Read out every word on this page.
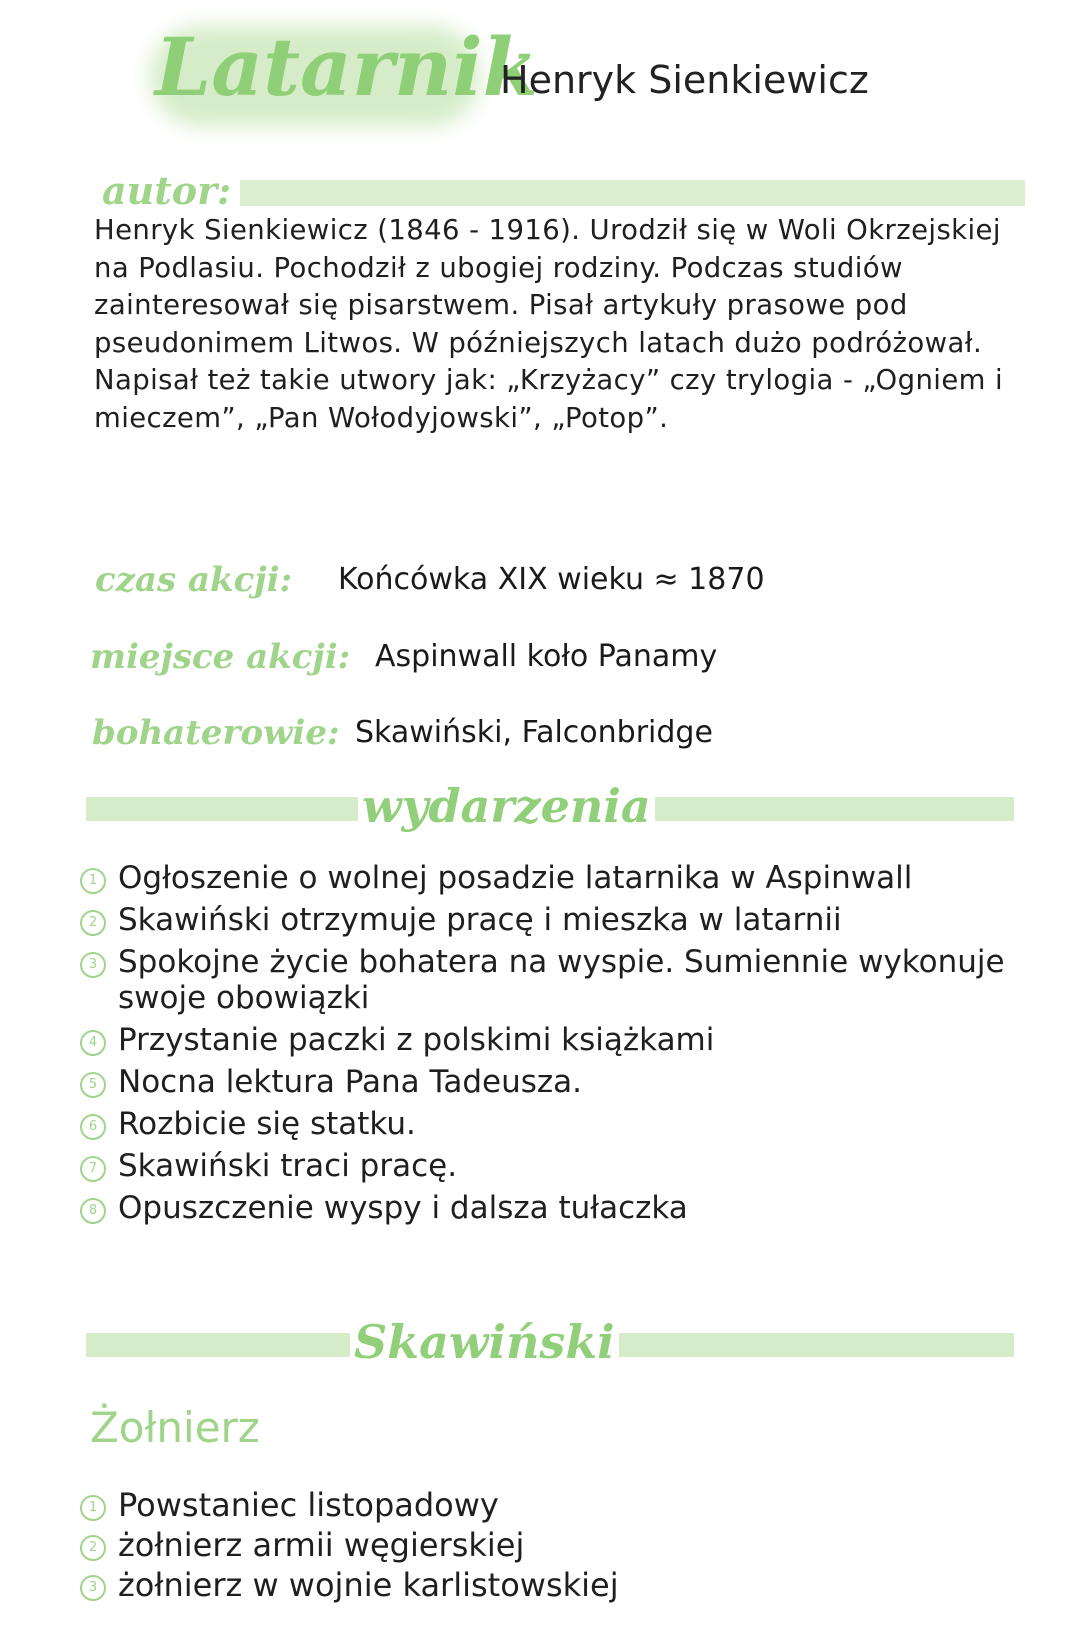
Latarnik
Henryk Sienkiewicz
autor:
Henryk Sienkiewicz (1846 - 1916). Urodził się w Woli Okrzejskiej na Podlasiu. Pochodził z ubogiej rodziny. Podczas studiów zainteresował się pisarstwem. Pisał artykuły prasowe pod pseudonimem Litwos. W późniejszych latach dużo podróżował. Napisał też takie utwory jak: „Krzyżacy” czy trylogia - „Ogniem i mieczem”, „Pan Wołodyjowski”, „Potop”.
czas akcji: Końcówka XIX wieku ≈ 1870
miejsce akcji: Aspinwall koło Panamy
bohaterowie: Skawiński, Falconbridge
wydarzenia
1 Ogłoszenie o wolnej posadzie latarnika w Aspinwall
2 Skawiński otrzymuje pracę i mieszka w latarnii
3 Spokojne życie bohatera na wyspie. Sumiennie wykonuje swoje obowiązki
4 Przystanie paczki z polskimi książkami
5 Nocna lektura Pana Tadeusza.
6 Rozbicie się statku.
7 Skawiński traci pracę.
8 Opuszczenie wyspy i dalsza tułaczka
Skawiński
Żołnierz
1 Powstaniec listopadowy
2 żołnierz armii węgierskiej
3 żołnierz w wojnie karlistowskiej
